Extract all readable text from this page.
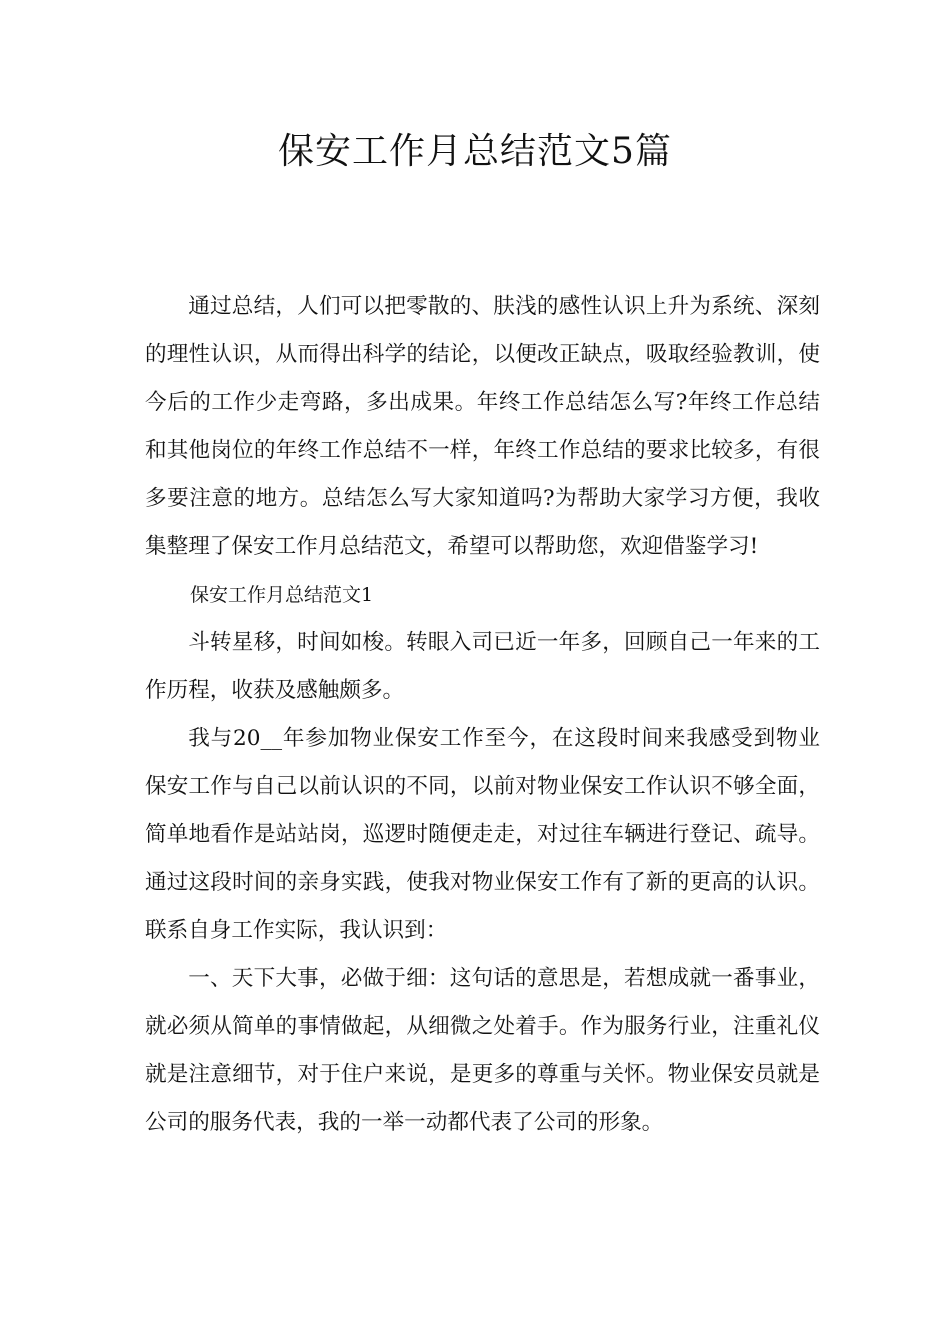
保安工作月总结范文5篇

通过总结，人们可以把零散的、肤浅的感性认识上升为系统、深刻的理性认识，从而得出科学的结论，以便改正缺点，吸取经验教训，使今后的工作少走弯路，多出成果。年终工作总结怎么写?年终工作总结和其他岗位的年终工作总结不一样，年终工作总结的要求比较多，有很多要注意的地方。总结怎么写大家知道吗?为帮助大家学习方便，我收集整理了保安工作月总结范文，希望可以帮助您，欢迎借鉴学习!

保安工作月总结范文1

斗转星移，时间如梭。转眼入司已近一年多，回顾自己一年来的工作历程，收获及感触颇多。

我与20__年参加物业保安工作至今，在这段时间来我感受到物业保安工作与自己以前认识的不同，以前对物业保安工作认识不够全面，简单地看作是站站岗，巡逻时随便走走，对过往车辆进行登记、疏导。通过这段时间的亲身实践，使我对物业保安工作有了新的更高的认识。联系自身工作实际，我认识到：

一、天下大事，必做于细：这句话的意思是，若想成就一番事业，就必须从简单的事情做起，从细微之处着手。作为服务行业，注重礼仪就是注意细节，对于住户来说，是更多的尊重与关怀。物业保安员就是公司的服务代表，我的一举一动都代表了公司的形象。
